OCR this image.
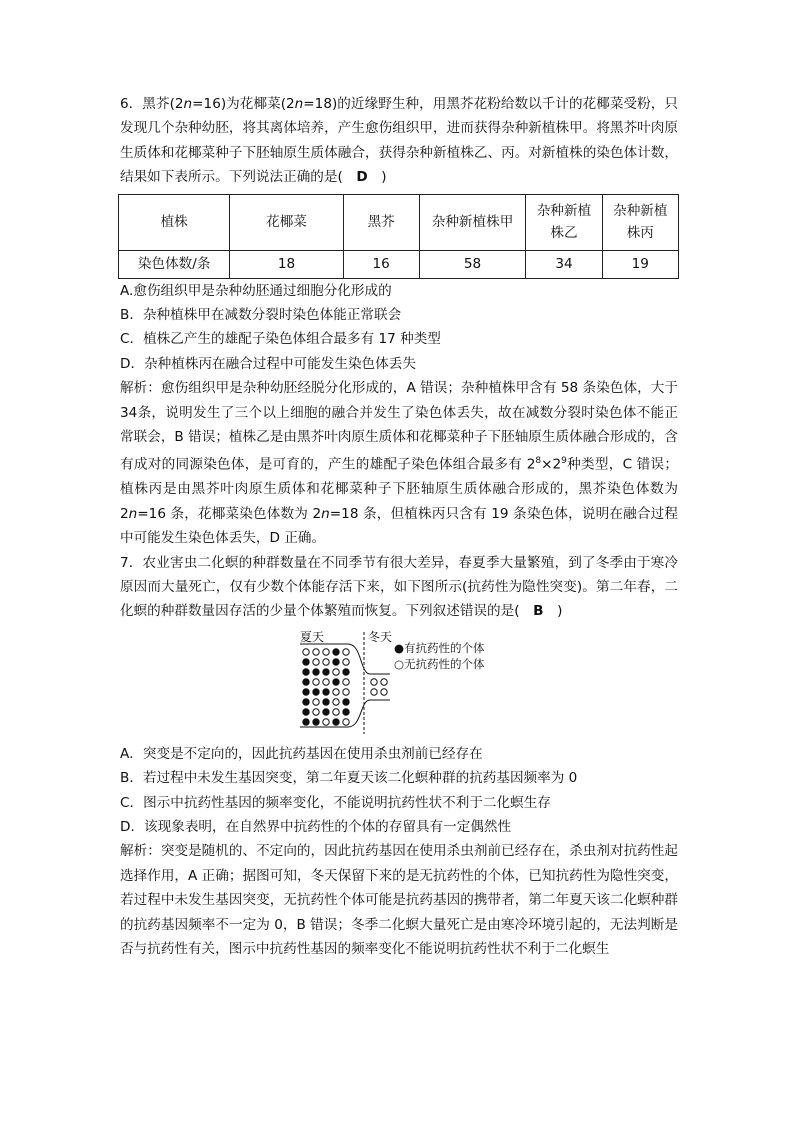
6．黑芥(2n=16)为花椰菜(2n=18)的近缘野生种，用黑芥花粉给数以千计的花椰菜受粉，只发现几个杂种幼胚，将其离体培养，产生愈伤组织甲，进而获得杂种新植株甲。将黑芥叶肉原生质体和花椰菜种子下胚轴原生质体融合，获得杂种新植株乙、丙。对新植株的染色体计数，结果如下表所示。下列说法正确的是(　D　)

植株	花椰菜	黑芥	杂种新植株甲	杂种新植株乙	杂种新植株丙
染色体数/条	18	16	58	34	19

A.愈伤组织甲是杂种幼胚通过细胞分化形成的

B．杂种植株甲在减数分裂时染色体能正常联会

C．植株乙产生的雄配子染色体组合最多有 17 种类型

D．杂种植株丙在融合过程中可能发生染色体丢失

解析：愈伤组织甲是杂种幼胚经脱分化形成的，A 错误；杂种植株甲含有 58 条染色体，大于 34条，说明发生了三个以上细胞的融合并发生了染色体丢失，故在减数分裂时染色体不能正常联会，B 错误；植株乙是由黑芥叶肉原生质体和花椰菜种子下胚轴原生质体融合形成的，含有成对的同源染色体，是可育的，产生的雄配子染色体组合最多有 $2^8\times 2^9$种类型，C 错误；植株丙是由黑芥叶肉原生质体和花椰菜种子下胚轴原生质体融合形成的，黑芥染色体数为 2n=16 条，花椰菜染色体数为 2n=18 条，但植株丙只含有 19 条染色体，说明在融合过程中可能发生染色体丢失，D 正确。

7．农业害虫二化螟的种群数量在不同季节有很大差异，春夏季大量繁殖，到了冬季由于寒冷原因而大量死亡，仅有少数个体能存活下来，如下图所示(抗药性为隐性突变)。第二年春，二化螟的种群数量因存活的少量个体繁殖而恢复。下列叙述错误的是(　B　)

夏天	冬天
●有抗药性的个体
○无抗药性的个体

A．突变是不定向的，因此抗药基因在使用杀虫剂前已经存在

B．若过程中未发生基因突变，第二年夏天该二化螟种群的抗药基因频率为 0

C．图示中抗药性基因的频率变化，不能说明抗药性状不利于二化螟生存

D．该现象表明，在自然界中抗药性的个体的存留具有一定偶然性

解析：突变是随机的、不定向的，因此抗药基因在使用杀虫剂前已经存在，杀虫剂对抗药性起选择作用，A 正确；据图可知，冬天保留下来的是无抗药性的个体，已知抗药性为隐性突变，若过程中未发生基因突变，无抗药性个体可能是抗药基因的携带者，第二年夏天该二化螟种群的抗药基因频率不一定为 0，B 错误；冬季二化螟大量死亡是由寒冷环境引起的，无法判断是否与抗药性有关，图示中抗药性基因的频率变化不能说明抗药性状不利于二化螟生
